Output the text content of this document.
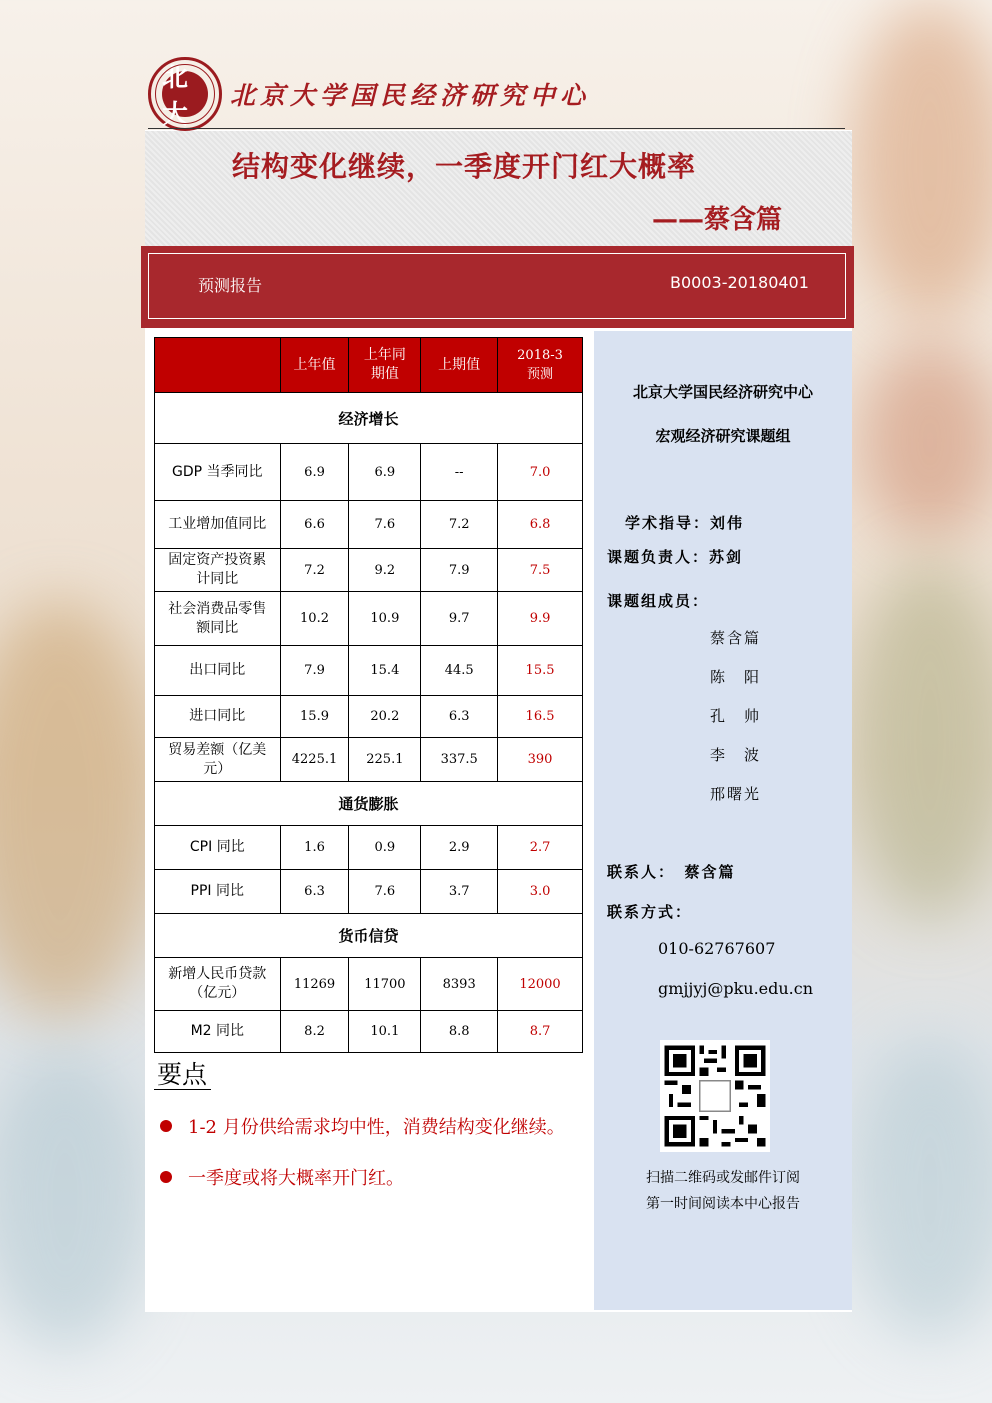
北大
北京大学国民经济研究中心
结构变化继续，一季度开门红大概率
——蔡含篇
预测报告	B0003-20180401
	上年值	上年同期值	上期值	2018-3 预测
经济增长				
GDP 当季同比	6.9	6.9	--	7.0
工业增加值同比	6.6	7.6	7.2	6.8
固定资产投资累计同比	7.2	9.2	7.9	7.5
社会消费品零售额同比	10.2	10.9	9.7	9.9
出口同比	7.9	15.4	44.5	15.5
进口同比	15.9	20.2	6.3	16.5
贸易差额（亿美元）	4225.1	225.1	337.5	390
通货膨胀				
CPI 同比	1.6	0.9	2.9	2.7
PPI 同比	6.3	7.6	3.7	3.0
货币信贷				
新增人民币贷款（亿元）	11269	11700	8393	12000
M2 同比	8.2	10.1	8.8	8.7
要点
1-2 月份供给需求均中性，消费结构变化继续。
一季度或将大概率开门红。
北京大学国民经济研究中心
宏观经济研究课题组
学术指导：刘伟
课题负责人：苏剑
课题组成员：
蔡含篇
陈　阳
孔　帅
李　波
邢曙光
联系人：　蔡含篇
联系方式：
010-62767607
gmjjyj@pku.edu.cn
扫描二维码或发邮件订阅
第一时间阅读本中心报告
